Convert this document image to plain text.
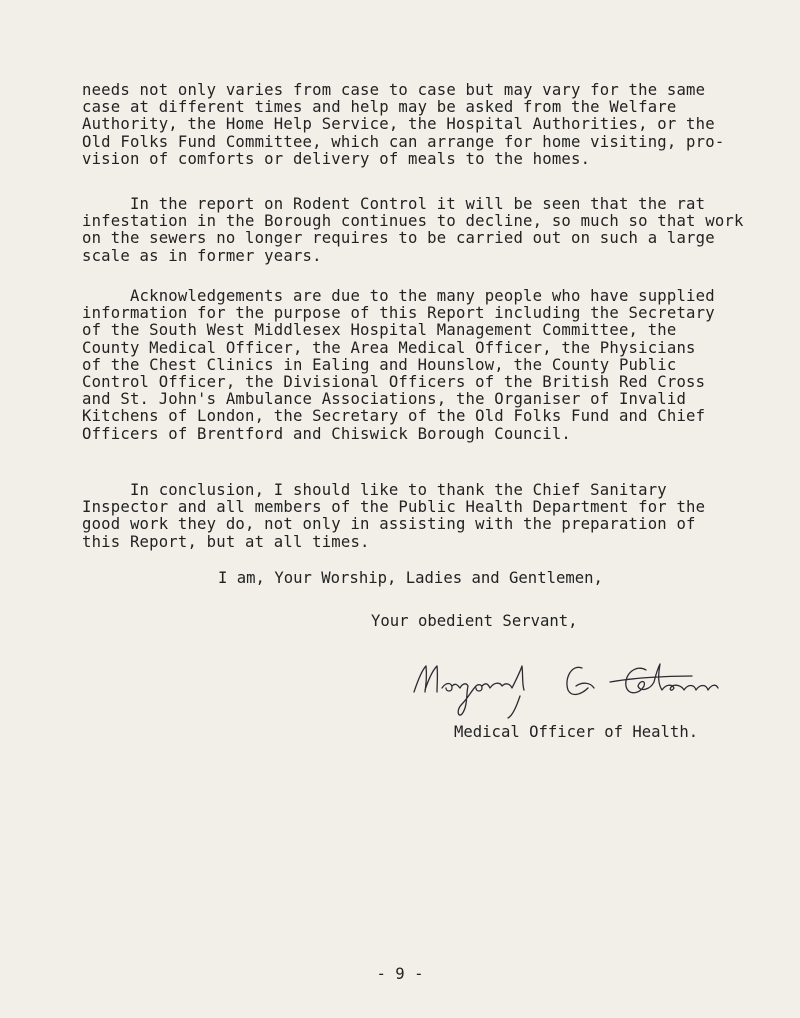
needs not only varies from case to case but may vary for the same
case at different times and help may be asked from the Welfare
Authority, the Home Help Service, the Hospital Authorities, or the
Old Folks Fund Committee, which can arrange for home visiting, pro-
vision of comforts or delivery of meals to the homes.

In the report on Rodent Control it will be seen that the rat
infestation in the Borough continues to decline, so much so that work
on the sewers no longer requires to be carried out on such a large
scale as in former years.

Acknowledgements are due to the many people who have supplied
information for the purpose of this Report including the Secretary
of the South West Middlesex Hospital Management Committee, the
County Medical Officer, the Area Medical Officer, the Physicians
of the Chest Clinics in Ealing and Hounslow, the County Public
Control Officer, the Divisional Officers of the British Red Cross
and St. John's Ambulance Associations, the Organiser of Invalid
Kitchens of London, the Secretary of the Old Folks Fund and Chief
Officers of Brentford and Chiswick Borough Council.

In conclusion, I should like to thank the Chief Sanitary
Inspector and all members of the Public Health Department for the
good work they do, not only in assisting with the preparation of
this Report, but at all times.

I am, Your Worship, Ladies and Gentlemen,

Your obedient Servant,

Medical Officer of Health.

- 9 -
